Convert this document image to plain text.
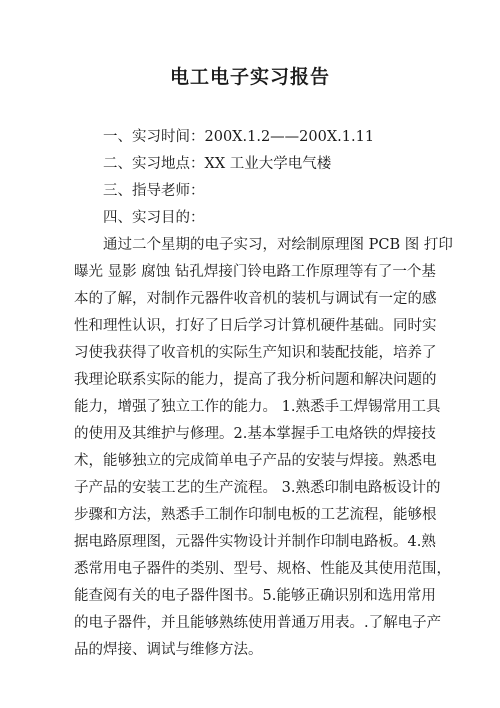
电工电子实习报告
一、实习时间：200X.1.2——200X.1.11
二、实习地点：XX 工业大学电气楼
三、指导老师：
四、实习目的：
通过二个星期的电子实习，对绘制原理图 PCB 图 打印
曝光 显影 腐蚀 钻孔焊接门铃电路工作原理等有了一个基
本的了解，对制作元器件收音机的装机与调试有一定的感
性和理性认识，打好了日后学习计算机硬件基础。同时实
习使我获得了收音机的实际生产知识和装配技能，培养了
我理论联系实际的能力，提高了我分析问题和解决问题的
能力，增强了独立工作的能力。 1.熟悉手工焊锡常用工具
的使用及其维护与修理。2.基本掌握手工电烙铁的焊接技
术，能够独立的完成简单电子产品的安装与焊接。熟悉电
子产品的安装工艺的生产流程。 3.熟悉印制电路板设计的
步骤和方法，熟悉手工制作印制电板的工艺流程，能够根
据电路原理图，元器件实物设计并制作印制电路板。4.熟
悉常用电子器件的类别、型号、规格、性能及其使用范围，
能查阅有关的电子器件图书。5.能够正确识别和选用常用
的电子器件，并且能够熟练使用普通万用表。.了解电子产
品的焊接、调试与维修方法。
